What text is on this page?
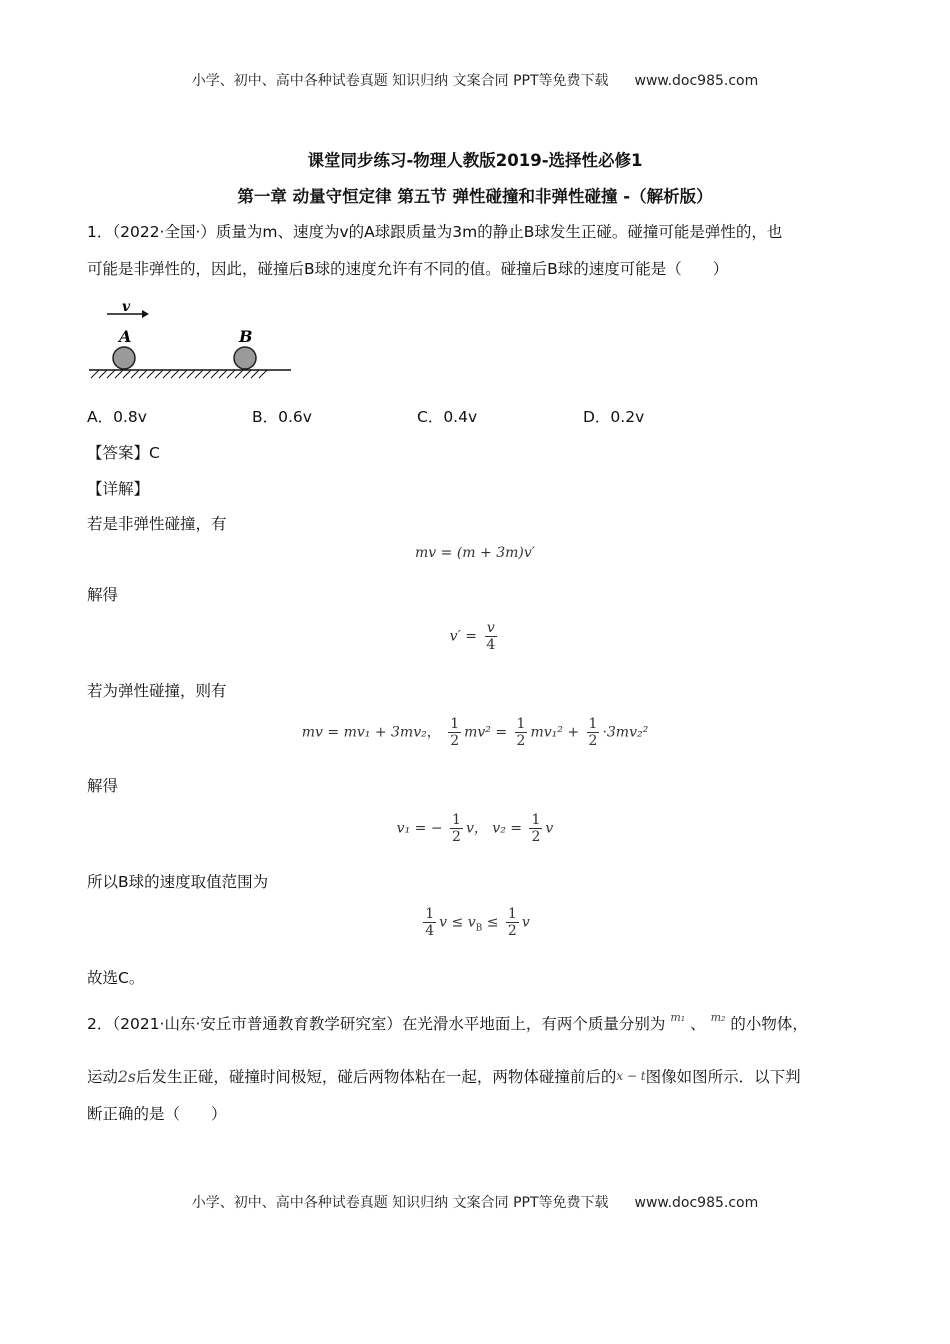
小学、初中、高中各种试卷真题 知识归纳 文案合同 PPT等免费下载 www.doc985.com
课堂同步练习-物理人教版2019-选择性必修1
第一章 动量守恒定律 第五节 弹性碰撞和非弹性碰撞 -（解析版）
1．（2022·全国·）质量为m、速度为v的A球跟质量为3m的静止B球发生正碰。碰撞可能是弹性的，也
可能是非弹性的，因此，碰撞后B球的速度允许有不同的值。碰撞后B球的速度可能是（　　）
v
A	B
A．0.8v	B．0.6v	C．0.4v	D．0.2v
【答案】C
【详解】
若是非弹性碰撞，有
mv = (m + 3m)v′
解得
$v' = \frac{v}{4}$
若为弹性碰撞，则有
mv = mv₁ + 3mv₂， $\frac{1}{2} mv^2 = \frac{1}{2} mv_1^2 + \frac{1}{2} \cdot 3mv_2^2$
解得
v₁ = − $\frac{1}{2}$ v， $v_2 = \frac{1}{2}$ v
所以B球的速度取值范围为
$\frac{1}{4}$ $v \le v_B \le \frac{1}{2}$ v
故选C。
2．（2021·山东·安丘市普通教育教学研究室）在光滑水平地面上，有两个质量分别为 $^{m_1}$ 、 $^{m_2}$ 的小物体，
运动2s后发生正碰，碰撞时间极短，碰后两物体粘在一起，两物体碰撞前后的x − t图像如图所示．以下判
断正确的是（　　）
小学、初中、高中各种试卷真题 知识归纳 文案合同 PPT等免费下载 www.doc985.com
